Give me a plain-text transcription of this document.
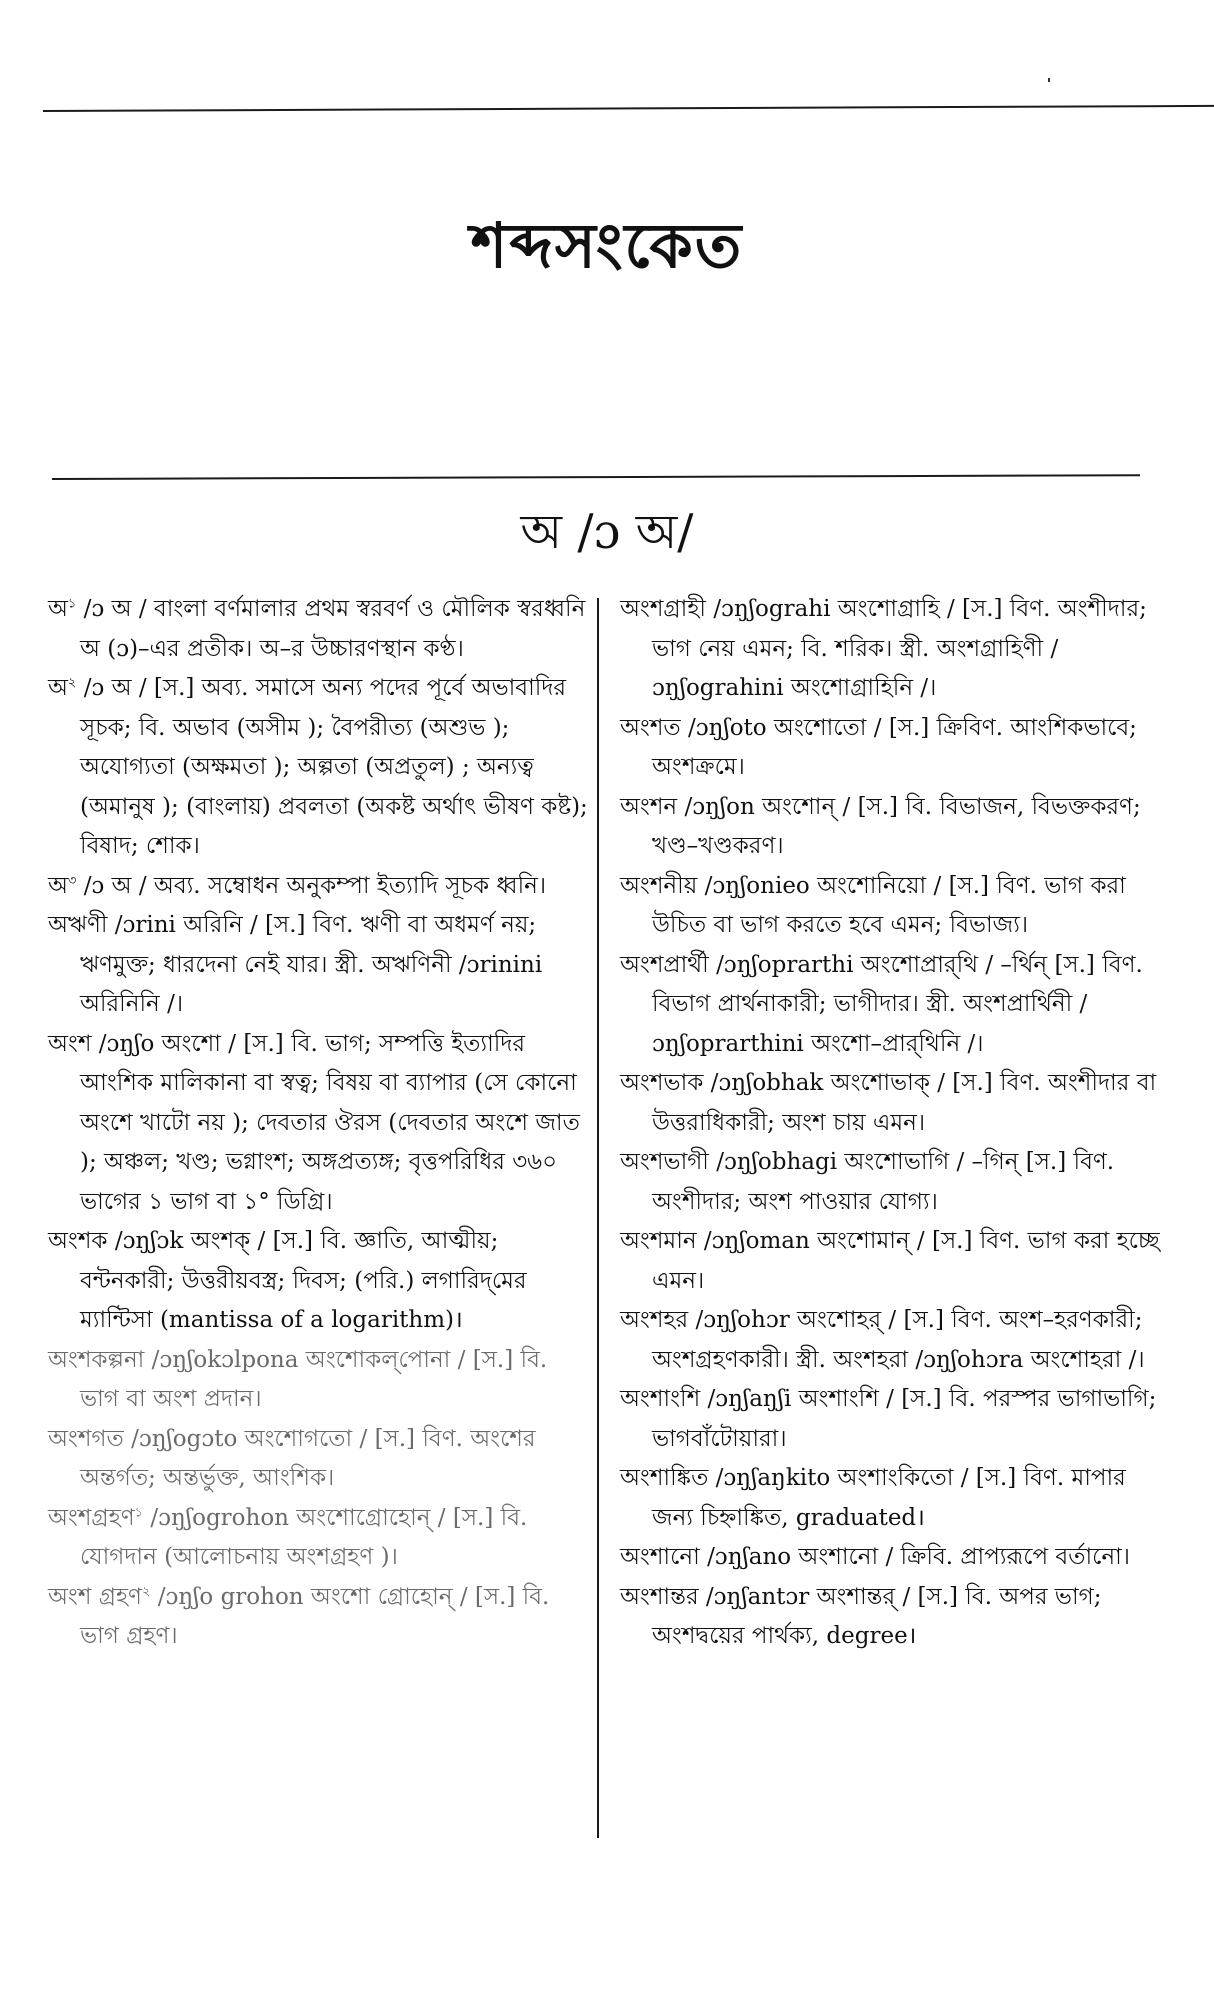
শব্দসংকেত
অ /ɔ অ/

অ$^১$ /ɔ অ / বাংলা বর্ণমালার প্রথম স্বরবর্ণ ও মৌলিক স্বরধ্বনি অ (ɔ)–এর প্রতীক। অ–র উচ্চারণস্থান কণ্ঠ।

অ$^২$ /ɔ অ / [স.] অব্য. সমাসে অন্য পদের পূর্বে অভাবাদির সূচক; বি. অভাব (অসীম ); বৈপরীত্য (অশুভ ); অযোগ্যতা (অক্ষমতা ); অল্পতা (অপ্রতুল) ; অন্যত্ব (অমানুষ ); (বাংলায়) প্রবলতা (অকষ্ট অর্থাৎ ভীষণ কষ্ট); বিষাদ; শোক।

অ$^৩$ /ɔ অ / অব্য. সম্বোধন অনুকম্পা ইত্যাদি সূচক ধ্বনি।

অঋণী /ɔrini অরিনি / [স.] বিণ. ঋণী বা অধমর্ণ নয়; ঋণমুক্ত; ধারদেনা নেই যার। স্ত্রী. অঋণিনী /ɔrinini অরিনিনি /।

অংশ /ɔŋʃo অংশো / [স.] বি. ভাগ; সম্পত্তি ইত্যাদির আংশিক মালিকানা বা স্বত্ব; বিষয় বা ব্যাপার (সে কোনো অংশে খাটো নয় ); দেবতার ঔরস (দেবতার অংশে জাত ); অঞ্চল; খণ্ড; ভগ্নাংশ; অঙ্গপ্রত্যঙ্গ; বৃত্তপরিধির ৩৬০ ভাগের ১ ভাগ বা ১° ডিগ্রি।

অংশক /ɔŋʃɔk অংশক্ / [স.] বি. জ্ঞাতি, আত্মীয়; বন্টনকারী; উত্তরীয়বস্ত্র; দিবস; (পরি.) লগারিদ্‌মের ম্যান্টিসা (mantissa of a logarithm)।

অংশকল্পনা /ɔŋʃokɔlpona অংশোকল্‌পোনা / [স.] বি. ভাগ বা অংশ প্রদান।

অংশগত /ɔŋʃogɔto অংশোগতো / [স.] বিণ. অংশের অন্তর্গত; অন্তর্ভুক্ত, আংশিক।

অংশগ্রহণ$^১$ /ɔŋʃogrohon অংশোগ্রোহোন্ / [স.] বি. যোগদান (আলোচনায় অংশগ্রহণ )।

অংশ গ্রহণ$^২$ /ɔŋʃo grohon অংশো গ্রোহোন্ / [স.] বি. ভাগ গ্রহণ।

অংশগ্রাহী /ɔŋʃograhi অংশোগ্রাহি / [স.] বিণ. অংশীদার; ভাগ নেয় এমন; বি. শরিক। স্ত্রী. অংশগ্রাহিণী /ɔŋʃograhini অংশোগ্রাহিনি /।

অংশত /ɔŋʃoto অংশোতো / [স.] ক্রিবিণ. আংশিকভাবে; অংশক্রমে।

অংশন /ɔŋʃon অংশোন্ / [স.] বি. বিভাজন, বিভক্তকরণ; খণ্ড–খণ্ডকরণ।

অংশনীয় /ɔŋʃonieo অংশোনিয়ো / [স.] বিণ. ভাগ করা উচিত বা ভাগ করতে হবে এমন; বিভাজ্য।

অংশপ্রার্থী /ɔŋʃoprarthi অংশোপ্রার্‌থি / –র্থিন্ [স.] বিণ. বিভাগ প্রার্থনাকারী; ভাগীদার। স্ত্রী. অংশপ্রার্থিনী / ɔŋʃoprarthini অংশো–প্রার্‌থিনি /।

অংশভাক /ɔŋʃobhak অংশোভাক্ / [স.] বিণ. অংশীদার বা উত্তরাধিকারী; অংশ চায় এমন।

অংশভাগী /ɔŋʃobhagi অংশোভাগি / –গিন্ [স.] বিণ. অংশীদার; অংশ পাওয়ার যোগ্য।

অংশমান /ɔŋʃoman অংশোমান্ / [স.] বিণ. ভাগ করা হচ্ছে এমন।

অংশহর /ɔŋʃohɔr অংশোহর্ / [স.] বিণ. অংশ–হরণকারী; অংশগ্রহণকারী। স্ত্রী. অংশহরা /ɔŋʃohɔra অংশোহরা /।

অংশাংশি /ɔŋʃaŋʃi অংশাংশি / [স.] বি. পরস্পর ভাগাভাগি; ভাগবাঁটোয়ারা।

অংশাঙ্কিত /ɔŋʃaŋkito অংশাংকিতো / [স.] বিণ. মাপার জন্য চিহ্নাঙ্কিত, graduated।

অংশানো /ɔŋʃano অংশানো / ক্রিবি. প্রাপ্যরূপে বর্তানো।

অংশান্তর /ɔŋʃantɔr অংশান্তর্ / [স.] বি. অপর ভাগ; অংশদ্বয়ের পার্থক্য, degree।
